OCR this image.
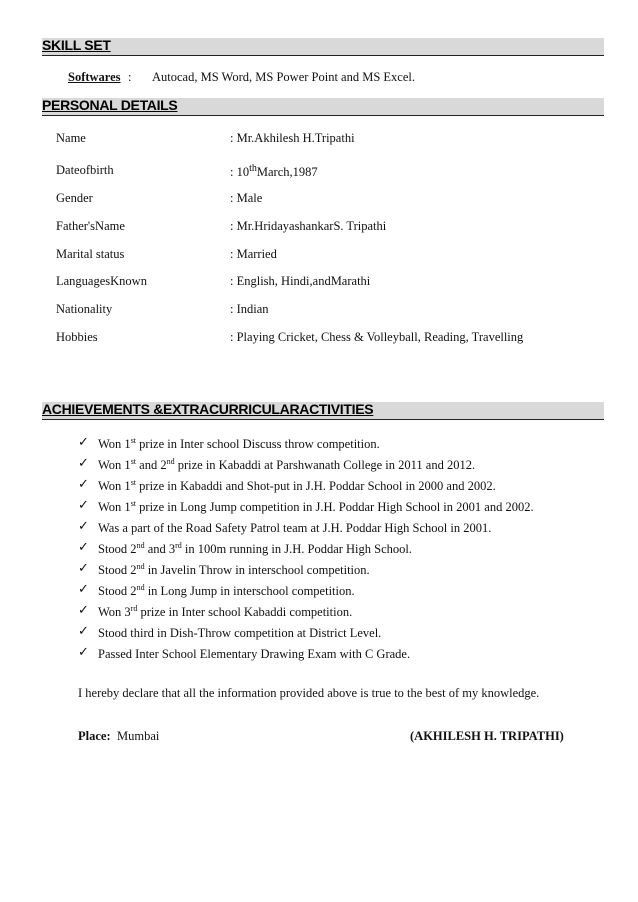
SKILL SET
Softwares : Autocad, MS Word, MS Power Point and MS Excel.
PERSONAL DETAILS
Name	: Mr.Akhilesh H.Tripathi
Dateofbirth	: 10thMarch,1987
Gender	: Male
Father'sName	: Mr.HridayashankarS. Tripathi
Marital status	: Married
LanguagesKnown	: English, Hindi,andMarathi
Nationality	: Indian
Hobbies	: Playing Cricket, Chess & Volleyball, Reading, Travelling
ACHIEVEMENTS &EXTRACURRICULARACTIVITIES
✓ Won 1st prize in Inter school Discuss throw competition.
✓ Won 1st and 2nd prize in Kabaddi at Parshwanath College in 2011 and 2012.
✓ Won 1st prize in Kabaddi and Shot-put in J.H. Poddar School in 2000 and 2002.
✓ Won 1st prize in Long Jump competition in J.H. Poddar High School in 2001 and 2002.
✓ Was a part of the Road Safety Patrol team at J.H. Poddar High School in 2001.
✓ Stood 2nd and 3rd in 100m running in J.H. Poddar High School.
✓ Stood 2nd in Javelin Throw in interschool competition.
✓ Stood 2nd in Long Jump in interschool competition.
✓ Won 3rd prize in Inter school Kabaddi competition.
✓ Stood third in Dish-Throw competition at District Level.
✓ Passed Inter School Elementary Drawing Exam with C Grade.
I hereby declare that all the information provided above is true to the best of my knowledge.
Place: Mumbai	(AKHILESH H. TRIPATHI)
